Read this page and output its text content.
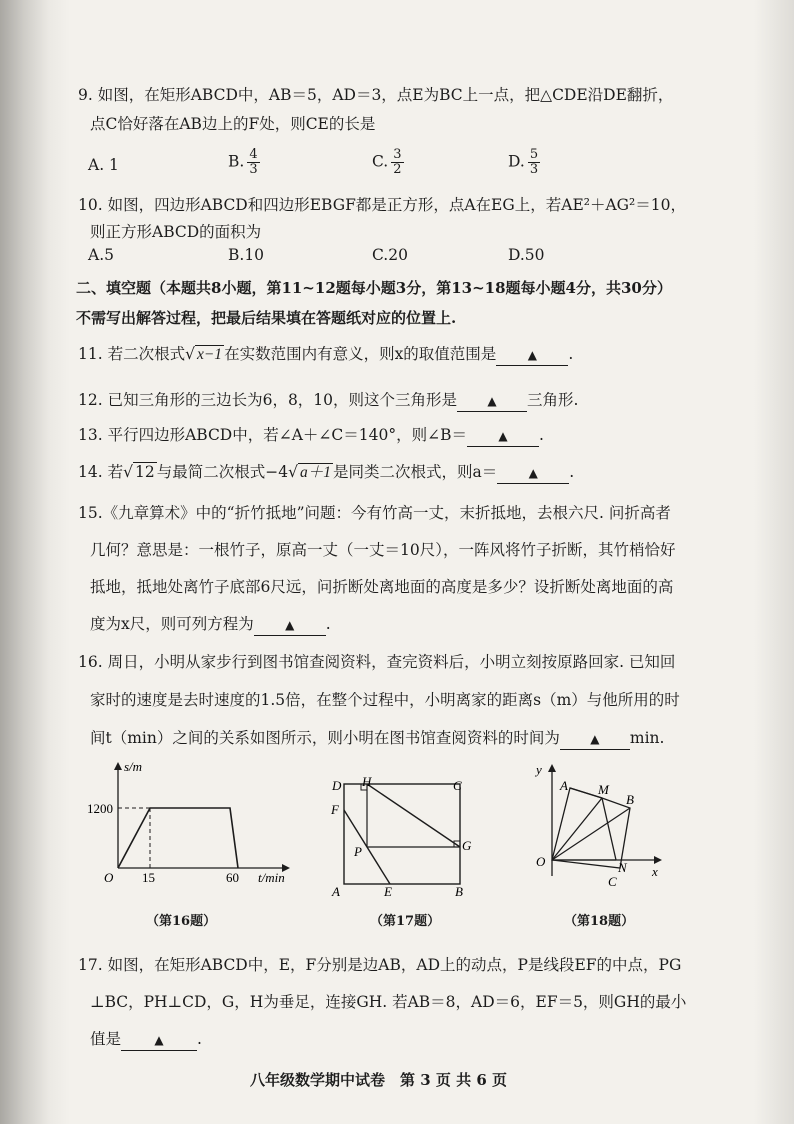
9. 如图，在矩形ABCD中，AB＝5，AD＝3，点E为BC上一点，把△CDE沿DE翻折，
点C恰好落在AB边上的F处，则CE的长是
A. 1	B. $\frac{4}{3}$	C. $\frac{3}{2}$	D. $\frac{5}{3}$
10. 如图，四边形ABCD和四边形EBGF都是正方形，点A在EG上，若AE²＋AG²＝10，
则正方形ABCD的面积为
A.5	B.10	C.20	D.50
二、填空题（本题共8小题，第11~12题每小题3分，第13~18题每小题4分，共30分）
不需写出解答过程，把最后结果填在答题纸对应的位置上.
11. 若二次根式√ x−1 在实数范围内有意义，则x的取值范围是	▲ .
12. 已知三角形的三边长为6，8，10，则这个三角形是	▲ 三角形.
13. 平行四边形ABCD中，若∠A＋∠C＝140°，则∠B＝	▲ .
14. 若√ 12 与最简二次根式−4√ a＋1 是同类二次根式，则a＝	▲ .
15.《九章算术》中的“折竹抵地”问题：今有竹高一丈，末折抵地，去根六尺. 问折高者
几何？意思是：一根竹子，原高一丈（一丈＝10尺），一阵风将竹子折断，其竹梢恰好
抵地，抵地处离竹子底部6尺远，问折断处离地面的高度是多少？设折断处离地面的高
度为x尺，则可列方程为	▲ .
16. 周日，小明从家步行到图书馆查阅资料，查完资料后，小明立刻按原路回家. 已知回
家时的速度是去时速度的1.5倍，在整个过程中，小明离家的距离s（m）与他所用的时
间t（min）之间的关系如图所示，则小明在图书馆查阅资料的时间为	▲ min.
s/m
1200
O 15	60 t/min
（第16题）
D H	C
F
P	G
A	E	B
（第17题）
y
x
O
A M
B
N
C
（第18题）
17. 如图，在矩形ABCD中，E，F分别是边AB，AD上的动点，P是线段EF的中点，PG
⊥BC，PH⊥CD，G，H为垂足，连接GH. 若AB＝8，AD＝6，EF＝5，则GH的最小
值是	▲ .
八年级数学期中试卷　第 3 页 共 6 页
